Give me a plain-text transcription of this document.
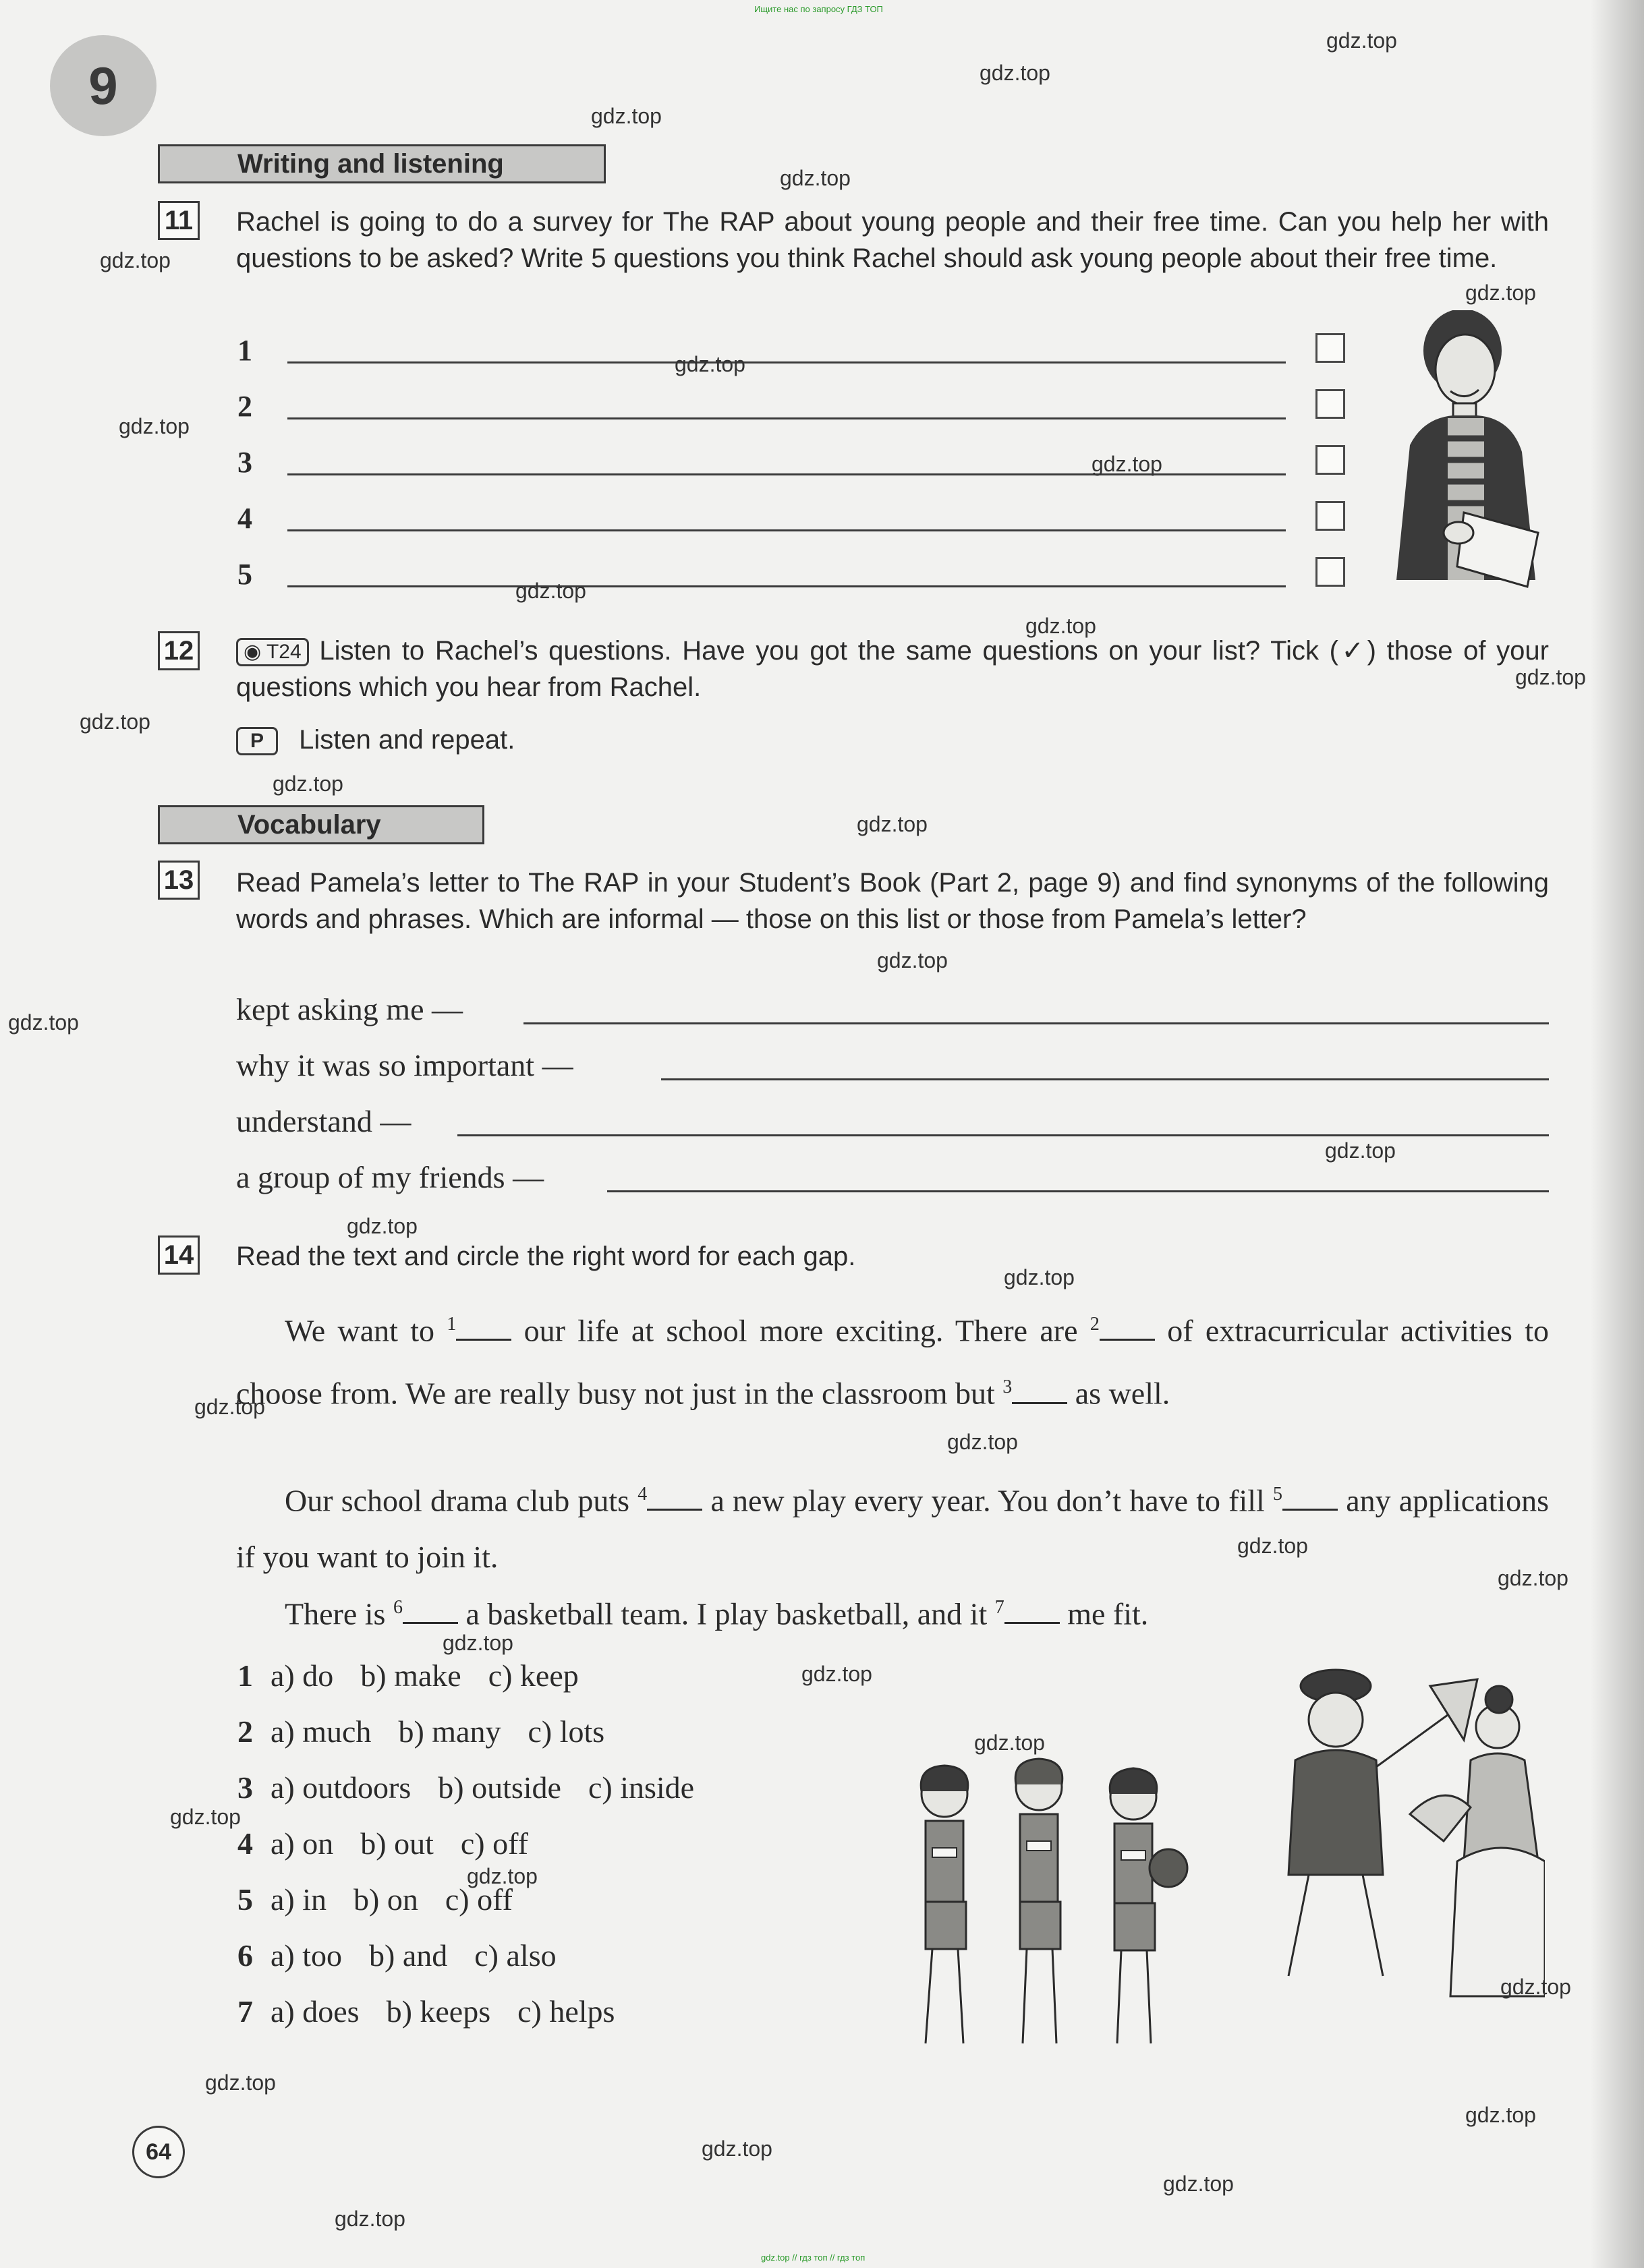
Ищите нас по запросу ГДЗ ТОП
9
Writing and listening
11 Rachel is going to do a survey for The RAP about young people and their free time. Can you help her with questions to be asked? Write 5 questions you think Rachel should ask young people about their free time.
1
2
3
4
5
12	◉ T24 Listen to Rachel’s questions. Have you got the same questions on your list? Tick (✓) those of your questions which you hear from Rachel.
P Listen and repeat.
Vocabulary
13 Read Pamela’s letter to The RAP in your Student’s Book (Part 2, page 9) and find synonyms of the following words and phrases. Which are informal — those on this list or those from Pamela’s letter?
kept asking me —
why it was so important —
understand —
a group of my friends —
14 Read the text and circle the right word for each gap.
We want to $^1$ our life at school more exciting. There are $^2$ of extracurricular activities to choose from. We are really busy not just in the classroom but $^3$ as well.
Our school drama club puts $^4$ a new play every year. You don’t have to fill $^5$ any applications if you want to join it.
There is $^6$ a basketball team. I play basketball, and it $^7$ me fit.
1 a) do b) make c) keep
2 a) much b) many c) lots
3 a) outdoors b) outside c) inside
4 a) on b) out c) off
5 a) in b) on c) off
6 a) too b) and c) also
7 a) does b) keeps c) helps
64
gdz.top
gdz.top
gdz.top
gdz.top
gdz.top
gdz.top
gdz.top
gdz.top
gdz.top
gdz.top
gdz.top
gdz.top
gdz.top
gdz.top
gdz.top
gdz.top
gdz.top
gdz.top
gdz.top
gdz.top
gdz.top
gdz.top
gdz.top
gdz.top
gdz.top
gdz.top
gdz.top
gdz.top
gdz.top
gdz.top
gdz.top
gdz.top
gdz.top
gdz.top
gdz.top
gdz.top // гдз топ // гдз топ
